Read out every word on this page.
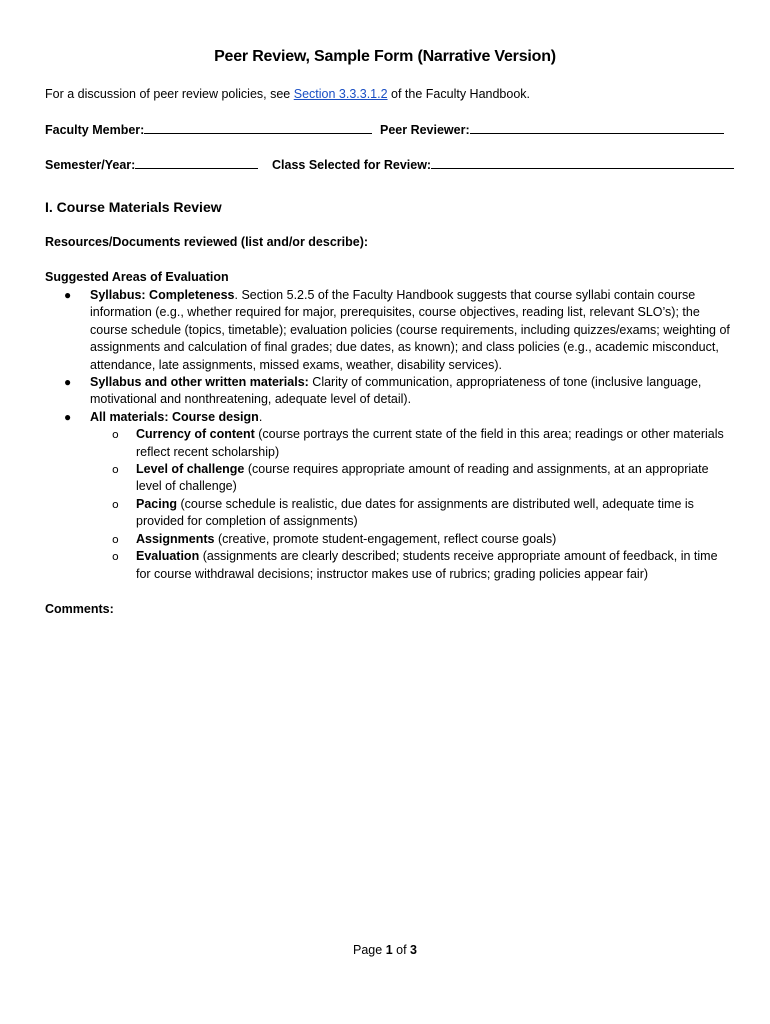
Peer Review, Sample Form (Narrative Version)
For a discussion of peer review policies, see Section 3.3.3.1.2 of the Faculty Handbook.
Faculty Member:	Peer Reviewer:
Semester/Year:	Class Selected for Review:
I. Course Materials Review
Resources/Documents reviewed (list and/or describe):
Suggested Areas of Evaluation
● Syllabus: Completeness. Section 5.2.5 of the Faculty Handbook suggests that course syllabi contain course information (e.g., whether required for major, prerequisites, course objectives, reading list, relevant SLO’s); the course schedule (topics, timetable); evaluation policies (course requirements, including quizzes/exams; weighting of assignments and calculation of final grades; due dates, as known); and class policies (e.g., academic misconduct, attendance, late assignments, missed exams, weather, disability services).
● Syllabus and other written materials: Clarity of communication, appropriateness of tone (inclusive language, motivational and nonthreatening, adequate level of detail).
● All materials: Course design.
o Currency of content (course portrays the current state of the field in this area; readings or other materials reflect recent scholarship)
o Level of challenge (course requires appropriate amount of reading and assignments, at an appropriate level of challenge)
o Pacing (course schedule is realistic, due dates for assignments are distributed well, adequate time is provided for completion of assignments)
o Assignments (creative, promote student-engagement, reflect course goals)
o Evaluation (assignments are clearly described; students receive appropriate amount of feedback, in time for course withdrawal decisions; instructor makes use of rubrics; grading policies appear fair)
Comments:
Page 1 of 3
